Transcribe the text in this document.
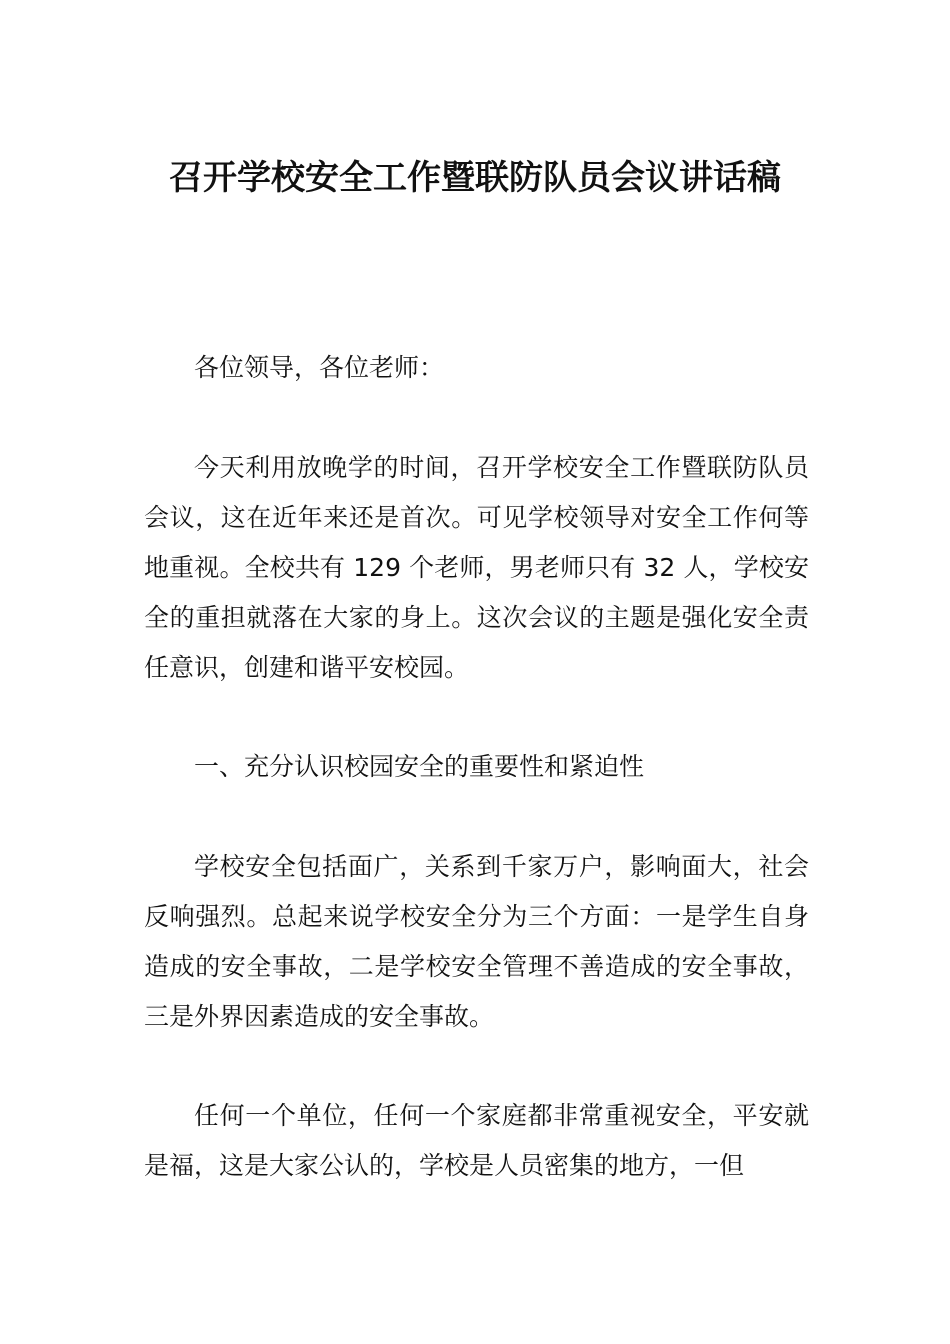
召开学校安全工作暨联防队员会议讲话稿

各位领导，各位老师：

今天利用放晚学的时间，召开学校安全工作暨联防队员会议，这在近年来还是首次。可见学校领导对安全工作何等地重视。全校共有 129 个老师，男老师只有 32 人，学校安全的重担就落在大家的身上。这次会议的主题是强化安全责任意识，创建和谐平安校园。

一、充分认识校园安全的重要性和紧迫性

学校安全包括面广，关系到千家万户，影响面大，社会反响强烈。总起来说学校安全分为三个方面：一是学生自身造成的安全事故，二是学校安全管理不善造成的安全事故，三是外界因素造成的安全事故。

任何一个单位，任何一个家庭都非常重视安全，平安就是福，这是大家公认的，学校是人员密集的地方，一但
